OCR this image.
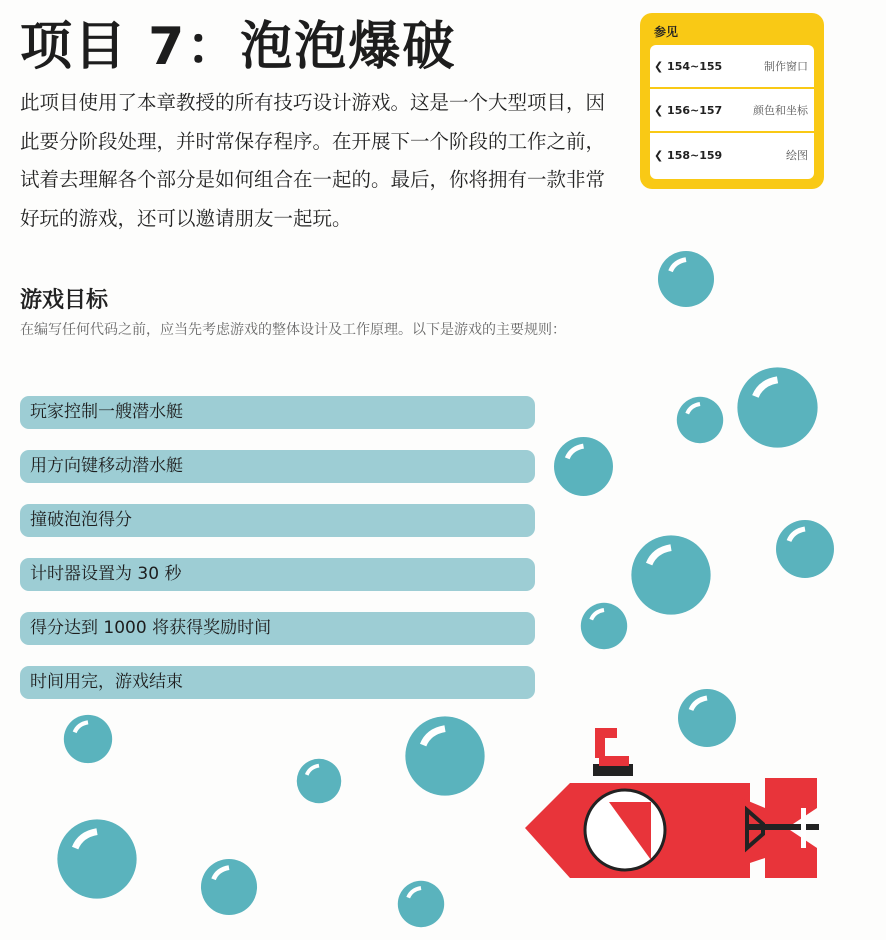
项目 7：泡泡爆破
此项目使用了本章教授的所有技巧设计游戏。这是一个大型项目，因此要分阶段处理，并时常保存程序。在开展下一个阶段的工作之前，试着去理解各个部分是如何组合在一起的。最后，你将拥有一款非常好玩的游戏，还可以邀请朋友一起玩。
参见
❮ 154~155	制作窗口
❮ 156~157	颜色和坐标
❮ 158~159	绘图
游戏目标
在编写任何代码之前，应当先考虑游戏的整体设计及工作原理。以下是游戏的主要规则：
玩家控制一艘潜水艇
用方向键移动潜水艇
撞破泡泡得分
计时器设置为 30 秒
得分达到 1000 将获得奖励时间
时间用完，游戏结束
